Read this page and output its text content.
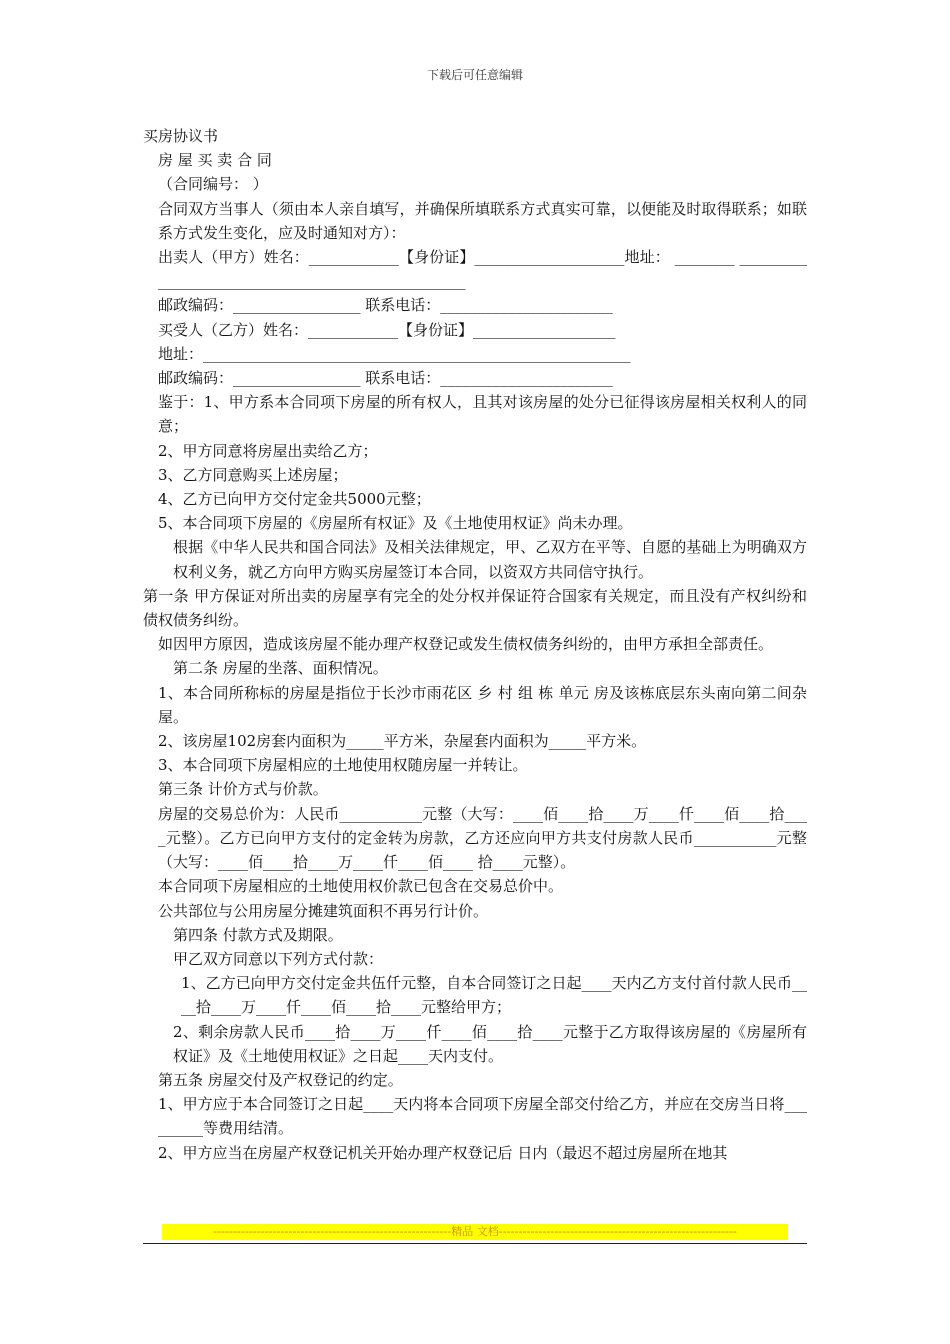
下载后可任意编辑

买房协议书

房 屋 买 卖 合 同

（合同编号： ）

合同双方当事人（须由本人亲自填写，并确保所填联系方式真实可靠，以便能及时取得联系；如联系方式发生变化，应及时通知对方）：

出卖人（甲方）姓名：____________【身份证】____________________地址： ________ __________________________________________________

邮政编码：_________________ 联系电话：_______________________

买受人（乙方）姓名：____________【身份证】___________________

地址：_________________________________________________________

邮政编码：_________________ 联系电话：_______________________

鉴于：1、甲方系本合同项下房屋的所有权人，且其对该房屋的处分已征得该房屋相关权利人的同意；

2、甲方同意将房屋出卖给乙方；

3、乙方同意购买上述房屋；

4、乙方已向甲方交付定金共5000元整；

5、本合同项下房屋的《房屋所有权证》及《土地使用权证》尚未办理。

根据《中华人民共和国合同法》及相关法律规定，甲、乙双方在平等、自愿的基础上为明确双方权利义务，就乙方向甲方购买房屋签订本合同，以资双方共同信守执行。

第一条 甲方保证对所出卖的房屋享有完全的处分权并保证符合国家有关规定，而且没有产权纠纷和债权债务纠纷。

如因甲方原因，造成该房屋不能办理产权登记或发生债权债务纠纷的，由甲方承担全部责任。

第二条 房屋的坐落、面积情况。

1、本合同所称标的房屋是指位于长沙市雨花区 乡 村 组 栋 单元 房及该栋底层东头南向第二间杂屋。

2、该房屋102房套内面积为_____平方米，杂屋套内面积为_____平方米。

3、本合同项下房屋相应的土地使用权随房屋一并转让。

第三条 计价方式与价款。

房屋的交易总价为：人民币___________元整（大写：____佰____拾____万____仟____佰____拾____元整）。乙方已向甲方支付的定金转为房款，乙方还应向甲方共支付房款人民币___________元整（大写：____佰____拾____万____仟____佰____ 拾____元整）。

本合同项下房屋相应的土地使用权价款已包含在交易总价中。

公共部位与公用房屋分摊建筑面积不再另行计价。

第四条 付款方式及期限。

甲乙双方同意以下列方式付款：

1、乙方已向甲方交付定金共伍仟元整，自本合同签订之日起____天内乙方支付首付款人民币____拾____万____仟____佰____拾____元整给甲方；

2、剩余房款人民币____拾____万____仟____佰____拾____元整于乙方取得该房屋的《房屋所有权证》及《土地使用权证》之日起____天内支付。

第五条 房屋交付及产权登记的约定。

1、甲方应于本合同签订之日起____天内将本合同项下房屋全部交付给乙方，并应在交房当日将_________等费用结清。

2、甲方应当在房屋产权登记机关开始办理产权登记后 日内（最迟不超过房屋所在地其

------------------------------------------------------------精品 文档------------------------------------------------------------
